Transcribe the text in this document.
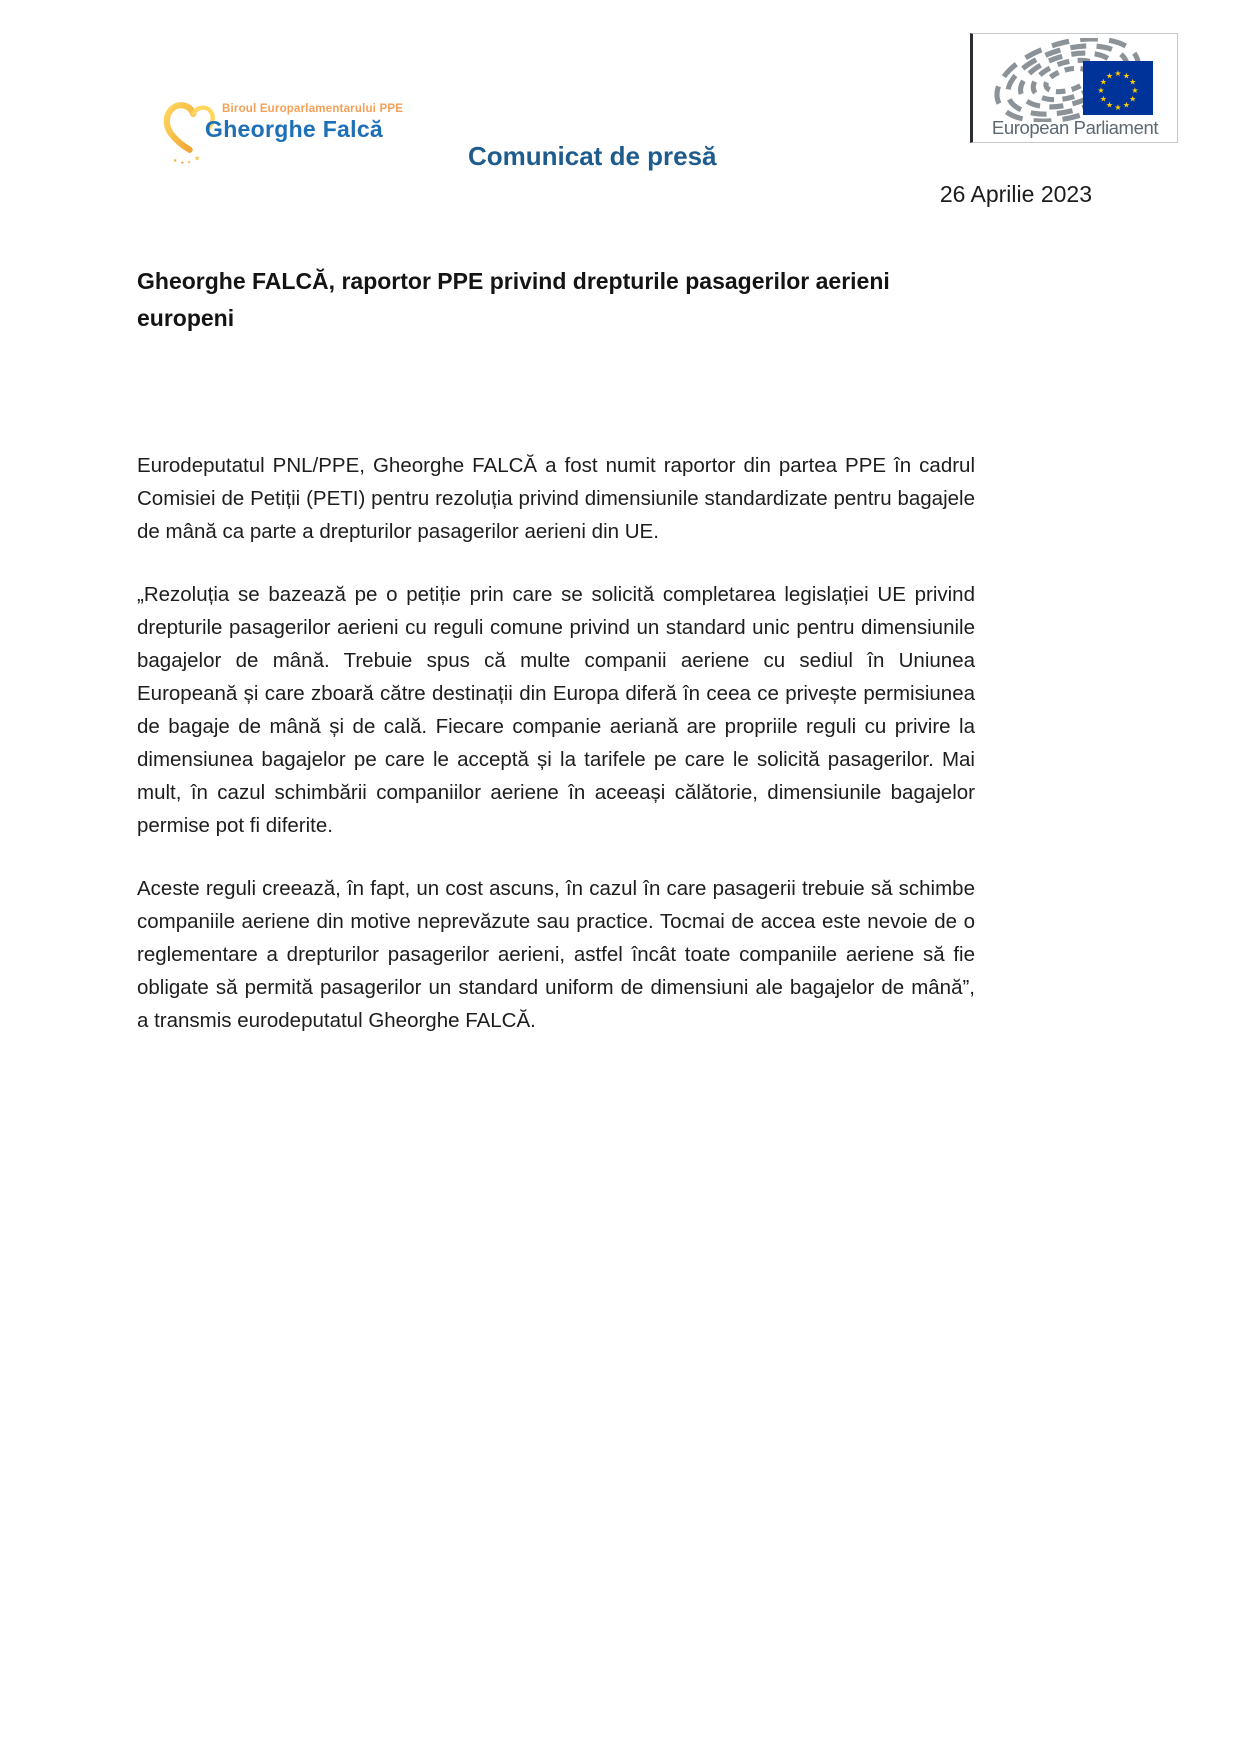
★ ★ ★ ★
Biroul Europarlamentarului PPE
Gheorghe Falcă
★ ★
★
★
★
★
★
★
★
★
★
★
European Parliament
Comunicat de presă
26 Aprilie 2023
Gheorghe FALCĂ, raportor PPE privind drepturile pasagerilor aerieni europeni

Eurodeputatul PNL/PPE, Gheorghe FALCĂ a fost numit raportor din partea PPE în cadrul Comisiei de Petiții (PETI) pentru rezoluția privind dimensiunile standardizate pentru bagajele de mână ca parte a drepturilor pasagerilor aerieni din UE.

„Rezoluția se bazează pe o petiție prin care se solicită completarea legislației UE privind drepturile pasagerilor aerieni cu reguli comune privind un standard unic pentru dimensiunile bagajelor de mână. Trebuie spus că multe companii aeriene cu sediul în Uniunea Europeană și care zboară către destinații din Europa diferă în ceea ce privește permisiunea de bagaje de mână și de cală. Fiecare companie aeriană are propriile reguli cu privire la dimensiunea bagajelor pe care le acceptă și la tarifele pe care le solicită pasagerilor. Mai mult, în cazul schimbării companiilor aeriene în aceeași călătorie, dimensiunile bagajelor permise pot fi diferite.

Aceste reguli creează, în fapt, un cost ascuns, în cazul în care pasagerii trebuie să schimbe companiile aeriene din motive neprevăzute sau practice. Tocmai de accea este nevoie de o reglementare a drepturilor pasagerilor aerieni, astfel încât toate companiile aeriene să fie obligate să permită pasagerilor un standard uniform de dimensiuni ale bagajelor de mână”, a transmis eurodeputatul Gheorghe FALCĂ.
